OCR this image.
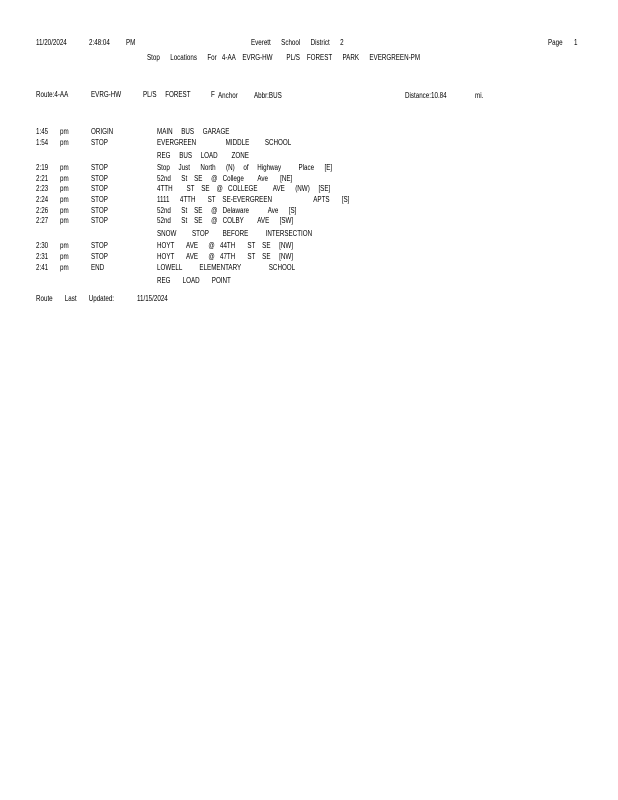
11/20/2024	2:48:04 PM	Everett      School      District      2	Page 1
Stop      Locations      For   4-AA    EVRG-HW        PL/S    FOREST      PARK      EVERGREEN-PM
Route:4-AA	EVRG-HW	PL/S     FOREST	F Anchor Abbr:BUS	Distance:10.84	mi.
1:45 pm	ORIGIN	MAIN     BUS     GARAGE
1:54 pm	STOP	EVERGREEN                 MIDDLE         SCHOOL
REG     BUS     LOAD        ZONE
2:19 pm	STOP	Stop     Just      North      (N)     of     Highway          Place      [E]
2:21 pm	STOP	52nd      St    SE     @   College        Ave       [NE]
2:23 pm	STOP	4TTH        ST    SE    @   COLLEGE         AVE      (NW)     [SE]
2:24 pm	STOP	1111      4TTH       ST    SE-EVERGREEN                        APTS       [S]
2:26 pm	STOP	52nd      St    SE     @   Delaware           Ave      [S]
2:27 pm	STOP	52nd      St    SE     @   COLBY        AVE      [SW]
SNOW         STOP        BEFORE          INTERSECTION
2:30 pm	STOP	HOYT       AVE      @   44TH       ST    SE     [NW]
2:31 pm	STOP	HOYT       AVE      @   47TH       ST    SE     [NW]
2:41 pm	END	LOWELL          ELEMENTARY                SCHOOL
REG       LOAD       POINT
Route       Last       Updated:	11/15/2024
